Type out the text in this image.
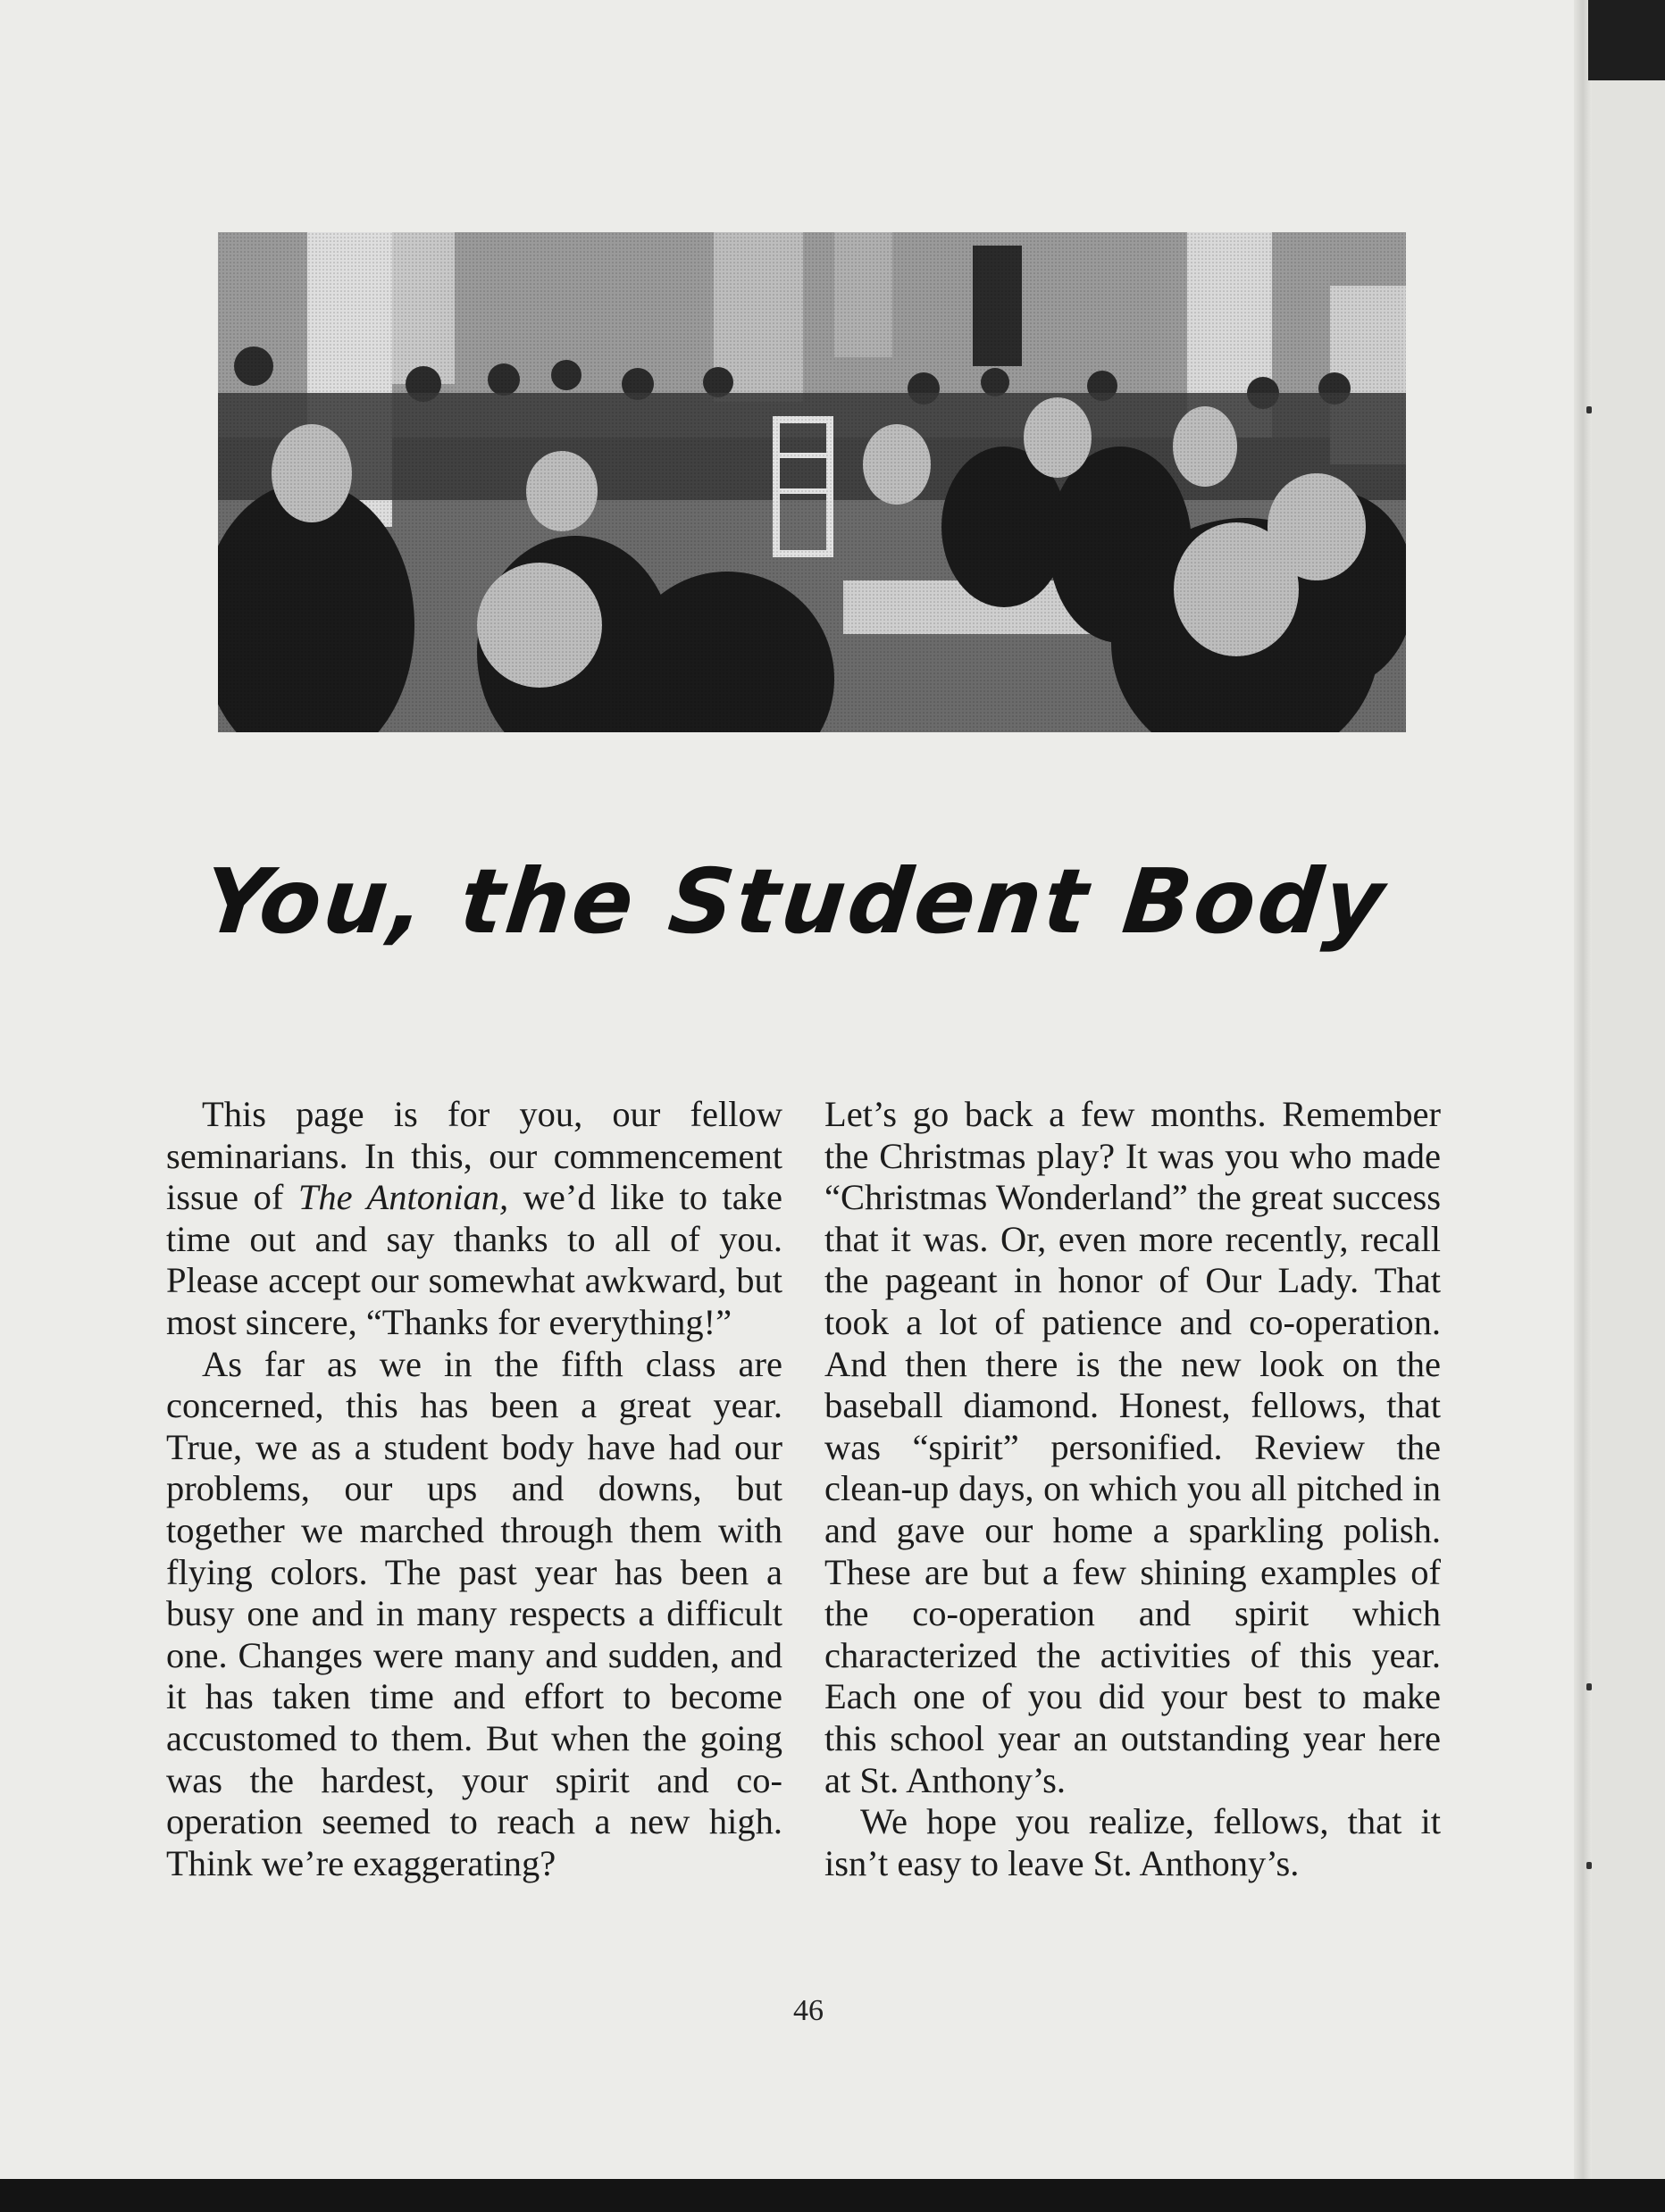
You, the Student Body

This page is for you, our fellow seminarians. In this, our commencement issue of The Antonian, we’d like to take time out and say thanks to all of you. Please accept our somewhat awkward, but most sincere, “Thanks for everything!”

As far as we in the fifth class are concerned, this has been a great year. True, we as a student body have had our problems, our ups and downs, but together we marched through them with flying colors. The past year has been a busy one and in many respects a difficult one. Changes were many and sudden, and it has taken time and effort to become accustomed to them. But when the going was the hardest, your spirit and co-operation seemed to reach a new high. Think we’re exaggerating?

Let’s go back a few months. Remember the Christmas play? It was you who made “Christmas Wonderland” the great success that it was. Or, even more recently, recall the pageant in honor of Our Lady. That took a lot of patience and co-operation. And then there is the new look on the baseball diamond. Honest, fellows, that was “spirit” personified. Review the clean-up days, on which you all pitched in and gave our home a sparkling polish. These are but a few shining examples of the co-operation and spirit which characterized the activities of this year. Each one of you did your best to make this school year an outstanding year here at St. Anthony’s.

We hope you realize, fellows, that it isn’t easy to leave St. Anthony’s.

46
